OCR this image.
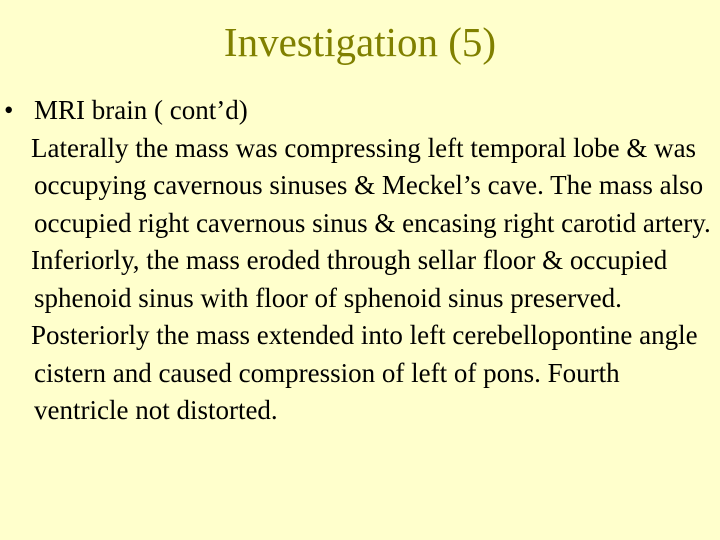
Investigation (5)
• MRI brain ( cont’d)
Laterally the mass was compressing left temporal lobe & was occupying cavernous sinuses & Meckel’s cave. The mass also occupied right cavernous sinus & encasing right carotid artery.
Inferiorly, the mass eroded through sellar floor & occupied sphenoid sinus with floor of sphenoid sinus preserved.
Posteriorly the mass extended into left cerebellopontine angle cistern and caused compression of left of pons. Fourth ventricle not distorted.
